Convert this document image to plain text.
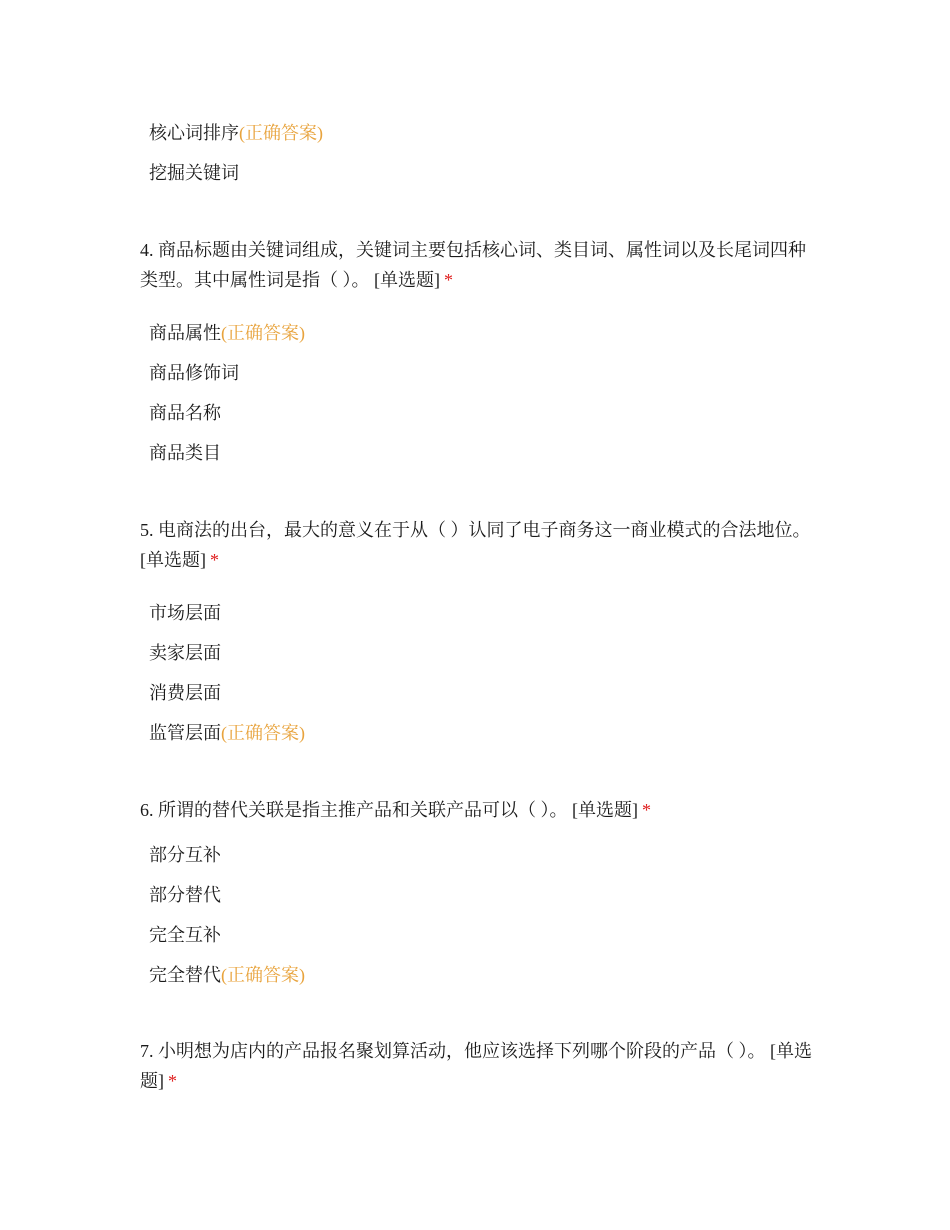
核心词排序(正确答案)
挖掘关键词

4. 商品标题由关键词组成，关键词主要包括核心词、类目词、属性词以及长尾词四种类型。其中属性词是指（ ）。 [单选题] *

商品属性(正确答案)
商品修饰词
商品名称
商品类目

5. 电商法的出台，最大的意义在于从（ ）认同了电子商务这一商业模式的合法地位。 [单选题] *

市场层面
卖家层面
消费层面
监管层面(正确答案)

6. 所谓的替代关联是指主推产品和关联产品可以（ ）。 [单选题] *

部分互补
部分替代
完全互补
完全替代(正确答案)

7. 小明想为店内的产品报名聚划算活动，他应该选择下列哪个阶段的产品（ ）。 [单选题] *
